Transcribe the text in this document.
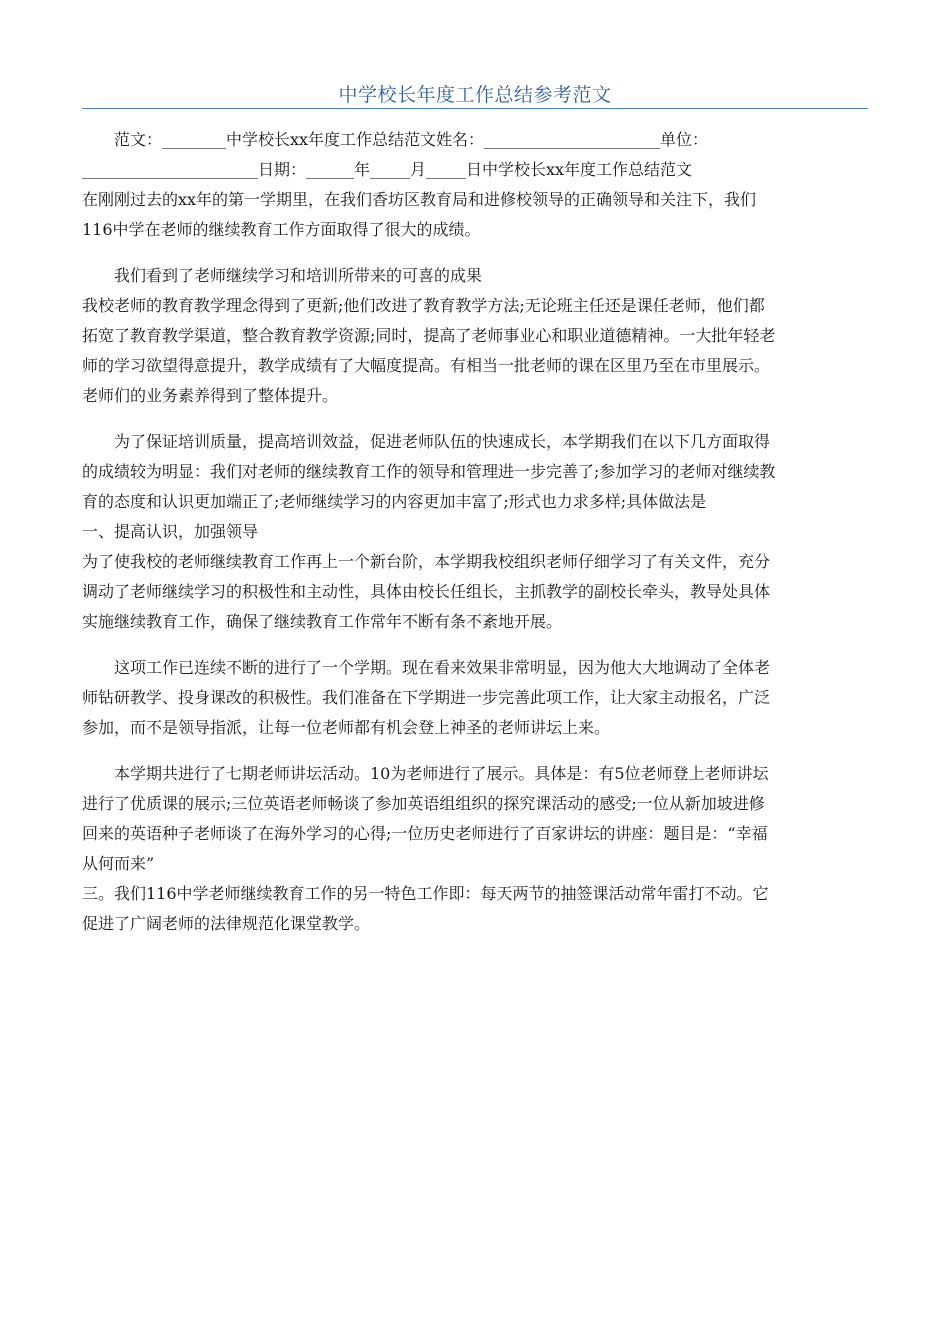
中学校长年度工作总结参考范文
范文：________中学校长xx年度工作总结范文姓名：______________________单位：
______________________日期：______年_____月_____日中学校长xx年度工作总结范文
在刚刚过去的xx年的第一学期里，在我们香坊区教育局和进修校领导的正确领导和关注下，我们
116中学在老师的继续教育工作方面取得了很大的成绩。
我们看到了老师继续学习和培训所带来的可喜的成果
我校老师的教育教学理念得到了更新;他们改进了教育教学方法;无论班主任还是课任老师，他们都
拓宽了教育教学渠道，整合教育教学资源;同时，提高了老师事业心和职业道德精神。一大批年轻老
师的学习欲望得意提升，教学成绩有了大幅度提高。有相当一批老师的课在区里乃至在市里展示。
老师们的业务素养得到了整体提升。
为了保证培训质量，提高培训效益，促进老师队伍的快速成长，本学期我们在以下几方面取得
的成绩较为明显：我们对老师的继续教育工作的领导和管理进一步完善了;参加学习的老师对继续教
育的态度和认识更加端正了;老师继续学习的内容更加丰富了;形式也力求多样;具体做法是
一、提高认识，加强领导
为了使我校的老师继续教育工作再上一个新台阶，本学期我校组织老师仔细学习了有关文件，充分
调动了老师继续学习的积极性和主动性，具体由校长任组长，主抓教学的副校长牵头，教导处具体
实施继续教育工作，确保了继续教育工作常年不断有条不紊地开展。
这项工作已连续不断的进行了一个学期。现在看来效果非常明显，因为他大大地调动了全体老
师钻研教学、投身课改的积极性。我们准备在下学期进一步完善此项工作，让大家主动报名，广泛
参加，而不是领导指派，让每一位老师都有机会登上神圣的老师讲坛上来。
本学期共进行了七期老师讲坛活动。10为老师进行了展示。具体是：有5位老师登上老师讲坛
进行了优质课的展示;三位英语老师畅谈了参加英语组组织的探究课活动的感受;一位从新加坡进修
回来的英语种子老师谈了在海外学习的心得;一位历史老师进行了百家讲坛的讲座：题目是：“幸福
从何而来”
三。我们116中学老师继续教育工作的另一特色工作即：每天两节的抽签课活动常年雷打不动。它
促进了广阔老师的法律规范化课堂教学。
